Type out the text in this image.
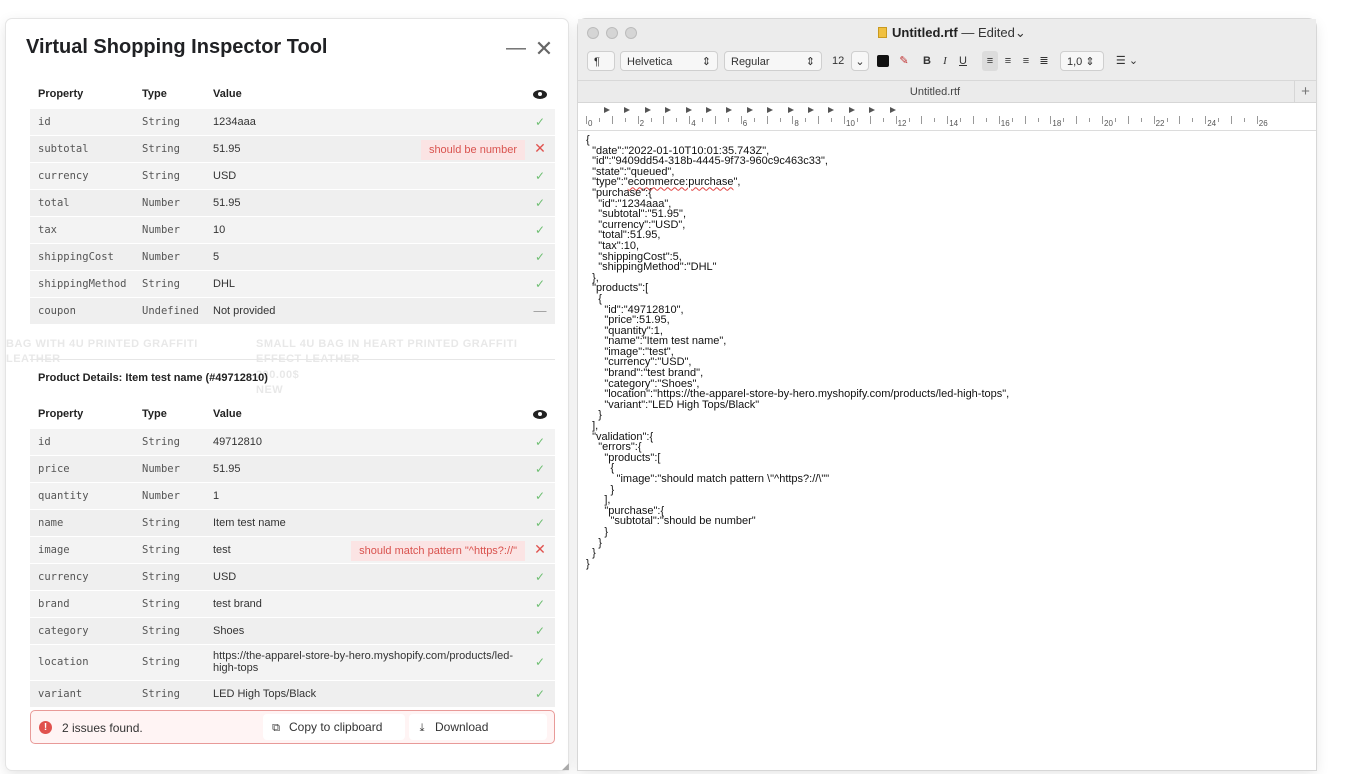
Virtual Shopping Inspector Tool	— ✕
BAG WITH 4U PRINTED GRAFFITI
LEATHER
SMALL 4U BAG IN HEART PRINTED GRAFFITI
EFFECT LEATHER
200.00$
NEW
Property	Type	Value	
id	String	1234aaa	✓
subtotal	String	51.95 should be number	✕
currency	String	USD	✓
total	Number	51.95	✓
tax	Number	10	✓
shippingCost	Number	5	✓
shippingMethod	String	DHL	✓
coupon	Undefined	Not provided	—
Product Details: Item test name (#49712810)
Property	Type	Value	
id	String	49712810	✓
price	Number	51.95	✓
quantity	Number	1	✓
name	String	Item test name	✓
image	String	test should match pattern "^https?://"	✕
currency	String	USD	✓
brand	String	test brand	✓
category	String	Shoes	✓
location	String	https://the-apparel-store-by-hero.myshopify.com/products/led-high-tops	✓
variant	String	LED High Tops/Black	✓
!	2 issues found.	⧉ Copy to clipboard	⤓ Download
◢
Untitled.rtf — Edited⌄
¶	Helvetica	⇕	Regular	⇕ 12	⌄	✎	B	I	U	≡	≡	≡ ≣	1,0 ⇕	☰ ⌄
Untitled.rtf	+
0	2	4	6	8	10	12	14	16	18	20	22	24	26
{
"date":"2022-01-10T10:01:35.743Z",
"id":"9409dd54-318b-4445-9f73-960c9c463c33",
"state":"queued",
"type":"ecommerce:purchase",
"purchase":{
"id":"1234aaa",
"subtotal":"51.95",
"currency":"USD",
"total":51.95,
"tax":10,
"shippingCost":5,
"shippingMethod":"DHL"
},
"products":[
{
"id":"49712810",
"price":51.95,
"quantity":1,
"name":"Item test name",
"image":"test",
"currency":"USD",
"brand":"test brand",
"category":"Shoes",
"location":"https://the-apparel-store-by-hero.myshopify.com/products/led-high-tops",
"variant":"LED High Tops/Black"
}
],
"validation":{
"errors":{
"products":[
{
"image":"should match pattern \"^https?://\""
}
],
"purchase":{
"subtotal":"should be number"
}
}
}
}
